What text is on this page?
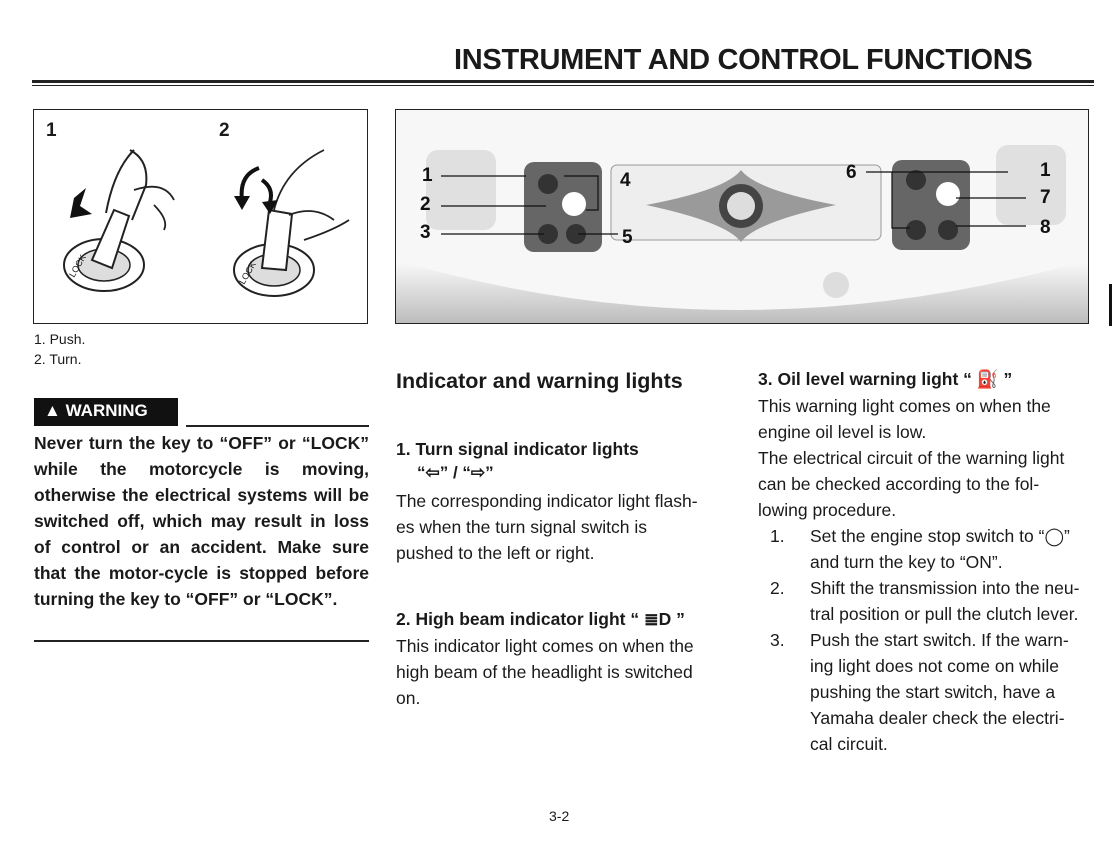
INSTRUMENT AND CONTROL FUNCTIONS
1	2
LOCK	LOCK
1. Push.
2. Turn.
1
2
3
4
5
6	1
7
8
▲ WARNING
Never turn the key to “OFF” or “LOCK” while the motorcycle is moving, otherwise the electrical systems will be switched off, which may result in loss of control or an accident. Make sure that the motor-cycle is stopped before turning the key to “OFF” or “LOCK”.
Indicator and warning lights
1. Turn signal indicator lights
“⇦” / “⇨”
The corresponding indicator light flash-
es when the turn signal switch is
pushed to the left or right.
2. High beam indicator light “ ≣D ”
This indicator light comes on when the
high beam of the headlight is switched
on.
3. Oil level warning light “ ⛽ ”
This warning light comes on when the
engine oil level is low.
The electrical circuit of the warning light
can be checked according to the fol-
lowing procedure.
1.	Set the engine stop switch to “◯”
and turn the key to “ON”.
2.	Shift the transmission into the neu-
tral position or pull the clutch lever.
3.	Push the start switch. If the warn-
ing light does not come on while
pushing the start switch, have a
Yamaha dealer check the electri-
cal circuit.
3-2
